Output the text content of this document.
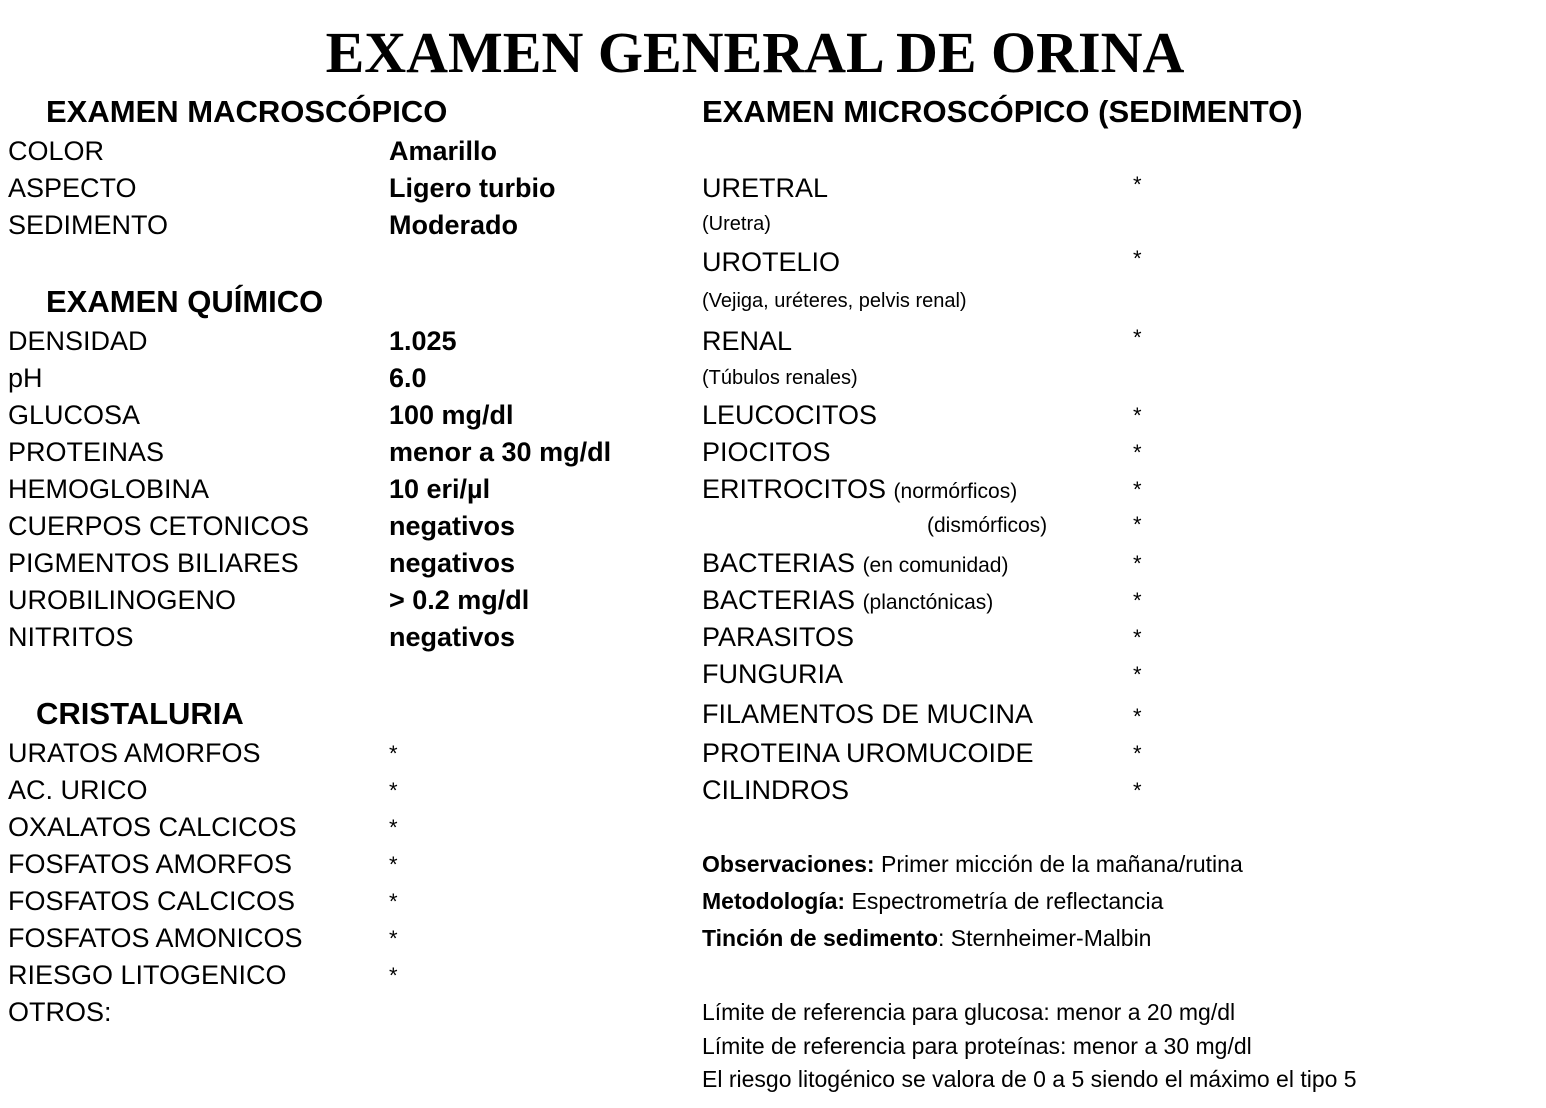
EXAMEN GENERAL DE ORINA
EXAMEN MACROSCÓPICO
COLOR	Amarillo
ASPECTO	Ligero turbio
SEDIMENTO	Moderado
EXAMEN QUÍMICO
DENSIDAD	1.025
pH	6.0
GLUCOSA	100 mg/dl
PROTEINAS	menor a 30 mg/dl
HEMOGLOBINA	10 eri/µl
CUERPOS CETONICOS	negativos
PIGMENTOS BILIARES	negativos
UROBILINOGENO	> 0.2 mg/dl
NITRITOS	negativos
CRISTALURIA
URATOS AMORFOS	*
AC. URICO	*
OXALATOS CALCICOS	*
FOSFATOS AMORFOS	*
FOSFATOS CALCICOS	*
FOSFATOS AMONICOS	*
RIESGO LITOGENICO	*
OTROS:
EXAMEN MICROSCÓPICO (SEDIMENTO)
URETRAL	*
(Uretra)
UROTELIO	*
(Vejiga, uréteres, pelvis renal)
RENAL	*
(Túbulos renales)
LEUCOCITOS	*
PIOCITOS	*
ERITROCITOS (normórficos)	*
(dismórficos)	*
BACTERIAS (en comunidad)	*
BACTERIAS (planctónicas)	*
PARASITOS	*
FUNGURIA	*
FILAMENTOS DE MUCINA	*
PROTEINA UROMUCOIDE	*
CILINDROS	*
Observaciones: Primer micción de la mañana/rutina
Metodología: Espectrometría de reflectancia
Tinción de sedimento: Sternheimer-Malbin
Límite de referencia para glucosa: menor a 20 mg/dl
Límite de referencia para proteínas: menor a 30 mg/dl
El riesgo litogénico se valora de 0 a 5 siendo el máximo el tipo 5
